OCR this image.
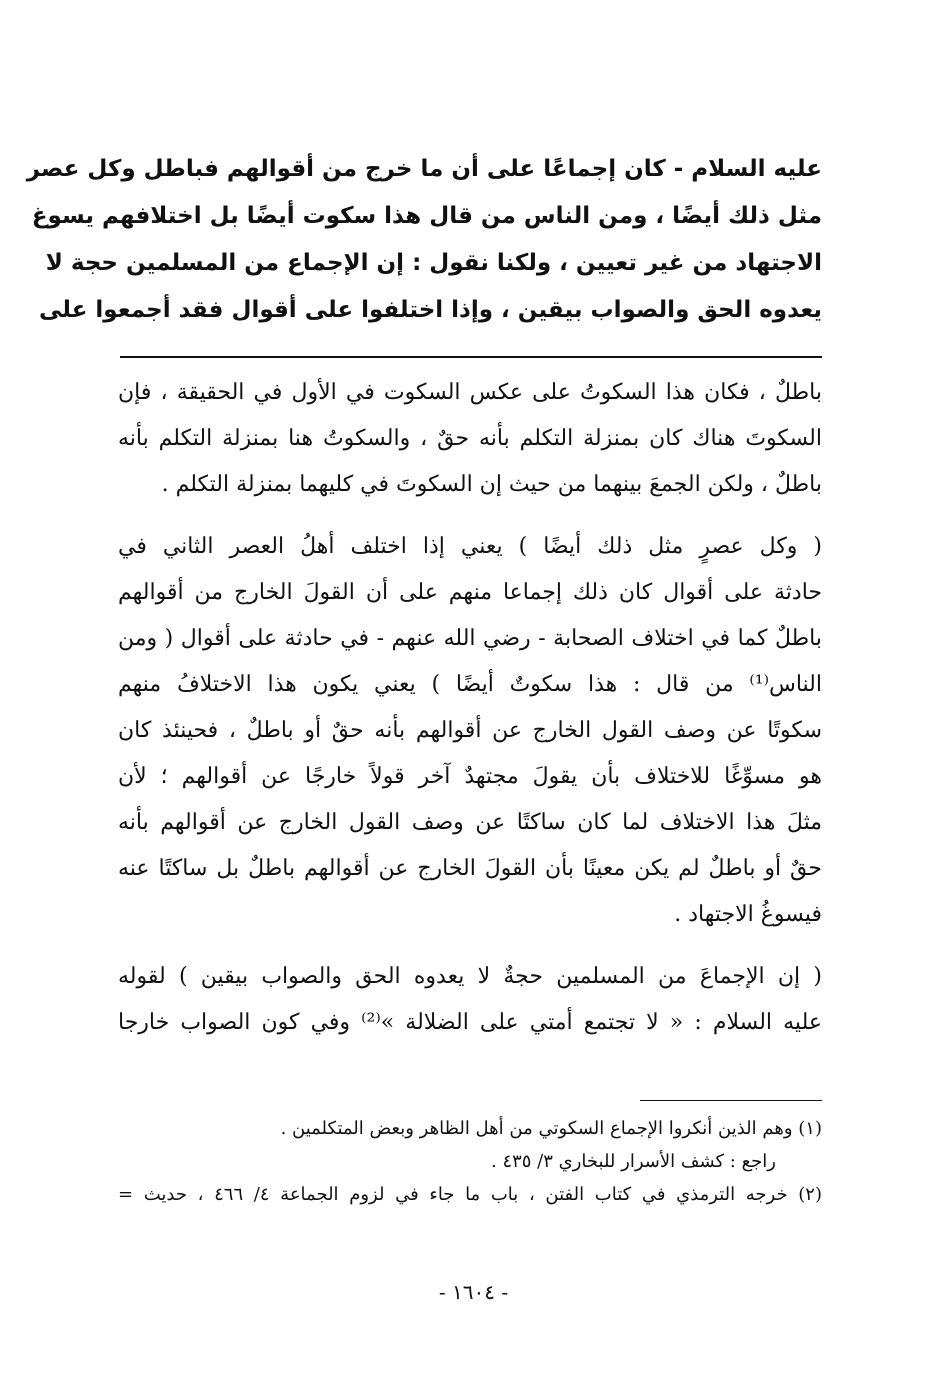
عليه السلام - كان إجماعًا على أن ما خرج من أقوالهم فباطل وكل عصر
مثل ذلك أيضًا ، ومن الناس من قال هذا سكوت أيضًا بل اختلافهم يسوغ
الاجتهاد من غير تعيين ، ولكنا نقول : إن الإجماع من المسلمين حجة لا
يعدوه الحق والصواب بيقين ، وإذا اختلفوا على أقوال فقد أجمعوا على
باطلٌ ، فكان هذا السكوتُ على عكس السكوت في الأول في الحقيقة ، فإن
السكوتَ هناك كان بمنزلة التكلم بأنه حقٌ ، والسكوتُ هنا بمنزلة التكلم بأنه
باطلٌ ، ولكن الجمعَ بينهما من حيث إن السكوتَ في كليهما بمنزلة التكلم .
( وكل عصرٍ مثل ذلك أيضًا ) يعني إذا اختلف أهلُ العصر الثاني في
حادثة على أقوال كان ذلك إجماعا منهم على أن القولَ الخارج من أقوالهم
باطلٌ كما في اختلاف الصحابة - رضي الله عنهم - في حادثة على أقوال ( ومن
الناس⁽¹⁾ من قال : هذا سكوتٌ أيضًا ) يعني يكون هذا الاختلافُ منهم
سكوتًا عن وصف القول الخارج عن أقوالهم بأنه حقٌ أو باطلٌ ، فحينئذ كان
هو مسوِّغًا للاختلاف بأن يقولَ مجتهدٌ آخر قولاً خارجًا عن أقوالهم ؛ لأن
مثلَ هذا الاختلاف لما كان ساكتًا عن وصف القول الخارج عن أقوالهم بأنه
حقٌ أو باطلٌ لم يكن معينًا بأن القولَ الخارج عن أقوالهم باطلٌ بل ساكتًا عنه
فيسوغُ الاجتهاد .
( إن الإجماعَ من المسلمين حجةٌ لا يعدوه الحق والصواب بيقين ) لقوله
عليه السلام : « لا تجتمع أمتي على الضلالة »⁽²⁾ وفي كون الصواب خارجا
(١) وهم الذين أنكروا الإجماع السكوتي من أهل الظاهر وبعض المتكلمين .
راجع : كشف الأسرار للبخاري ٣/ ٤٣٥ .
(٢) خرجه الترمذي في كتاب الفتن ، باب ما جاء في لزوم الجماعة ٤/ ٤٦٦ ، حديث =
- ١٦٠٤ -
